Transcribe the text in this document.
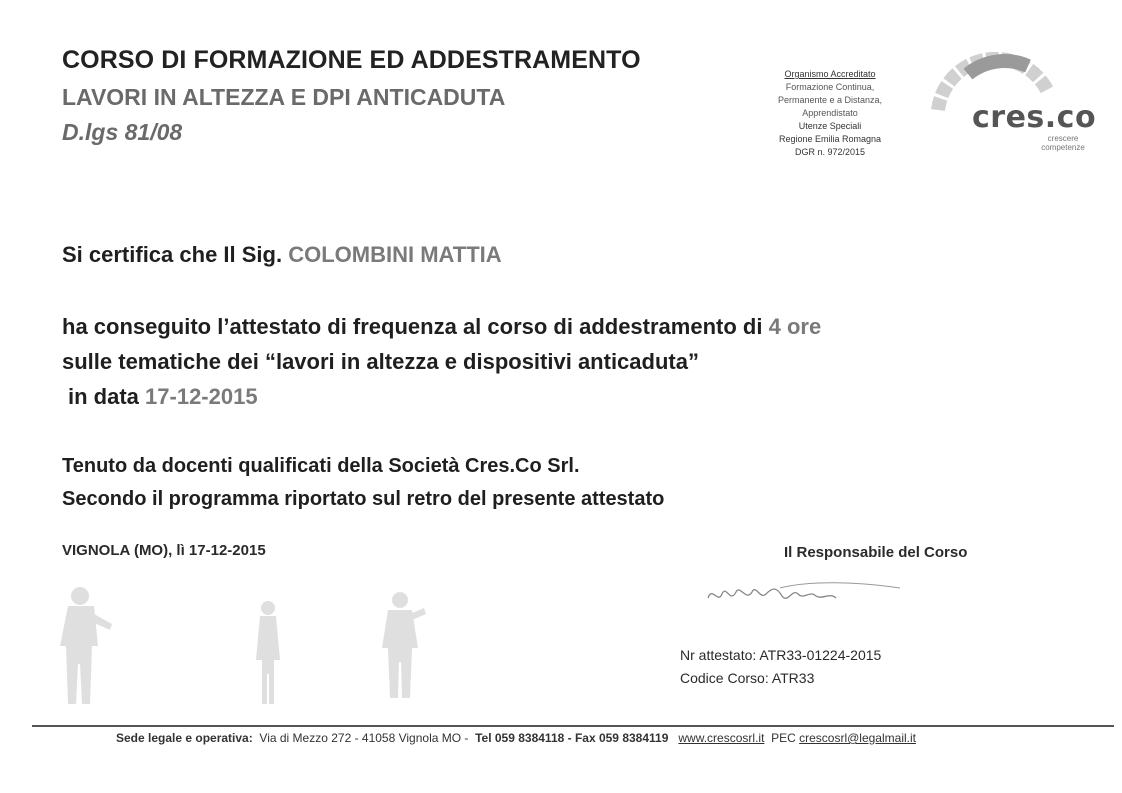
CORSO DI FORMAZIONE ED ADDESTRAMENTO
LAVORI IN ALTEZZA E DPI ANTICADUTA
D.lgs 81/08
Organismo Accreditato
Formazione Continua,
Permanente e a Distanza,
Apprendistato
Utenze Speciali
Regione Emilia Romagna
DGR n. 972/2015
cres.co
crescere
competenze
Si certifica che Il Sig. COLOMBINI MATTIA
ha conseguito l’attestato di frequenza al corso di addestramento di 4 ore
sulle tematiche dei “lavori in altezza e dispositivi anticaduta”
in data 17-12-2015
Tenuto da docenti qualificati della Società Cres.Co Srl.
Secondo il programma riportato sul retro del presente attestato
VIGNOLA (MO), lì 17-12-2015	Il Responsabile del Corso
Nr attestato: ATR33-01224-2015
Codice Corso: ATR33
Sede legale e operativa: Via di Mezzo 272 - 41058 Vignola MO - Tel 059 8384118 - Fax 059 8384119 www.crescosrl.it PEC crescosrl@legalmail.it
